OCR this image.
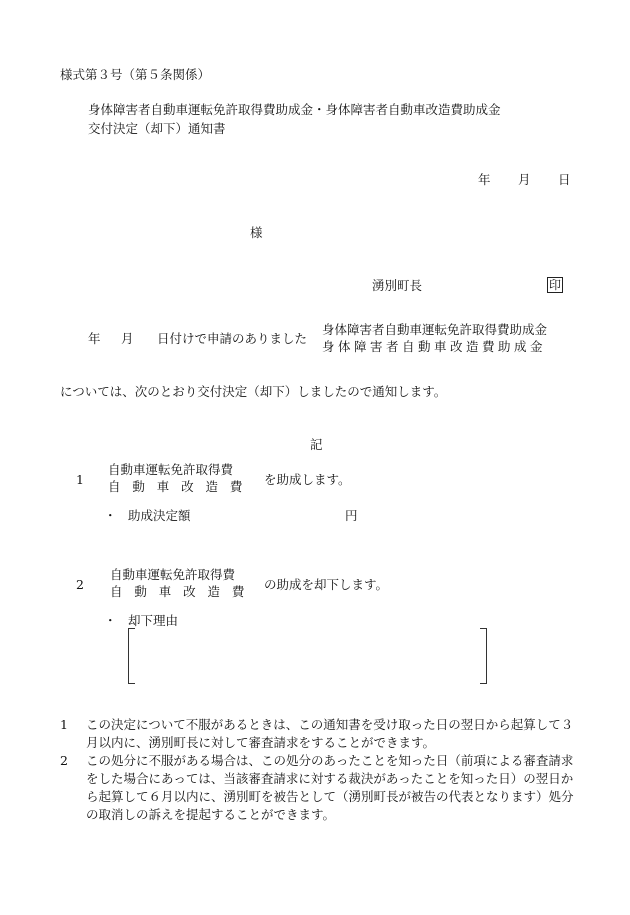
様式第３号（第５条関係）
身体障害者自動車運転免許取得費助成金・身体障害者自動車改造費助成金
交付決定（却下）通知書
年 月 日
様
湧別町長	印
年 月 日付けで申請のありました
身体障害者自動車運転免許取得費助成金
身体障害者自動車改造費助成金
については、次のとおり交付決定（却下）しましたので通知します。
記
1
自動車運転免許取得費
自動車改造費 を助成します。
・ 助成決定額	円
2
自動車運転免許取得費
自動車改造費 の助成を却下します。
・ 却下理由
1	この決定について不服があるときは、この通知書を受け取った日の翌日から起算して３月以内に、湧別町長に対して審査請求をすることができます。
2	この処分に不服がある場合は、この処分のあったことを知った日（前項による審査請求をした場合にあっては、当該審査請求に対する裁決があったことを知った日）の翌日から起算して６月以内に、湧別町を被告として（湧別町長が被告の代表となります）処分の取消しの訴えを提起することができます。
